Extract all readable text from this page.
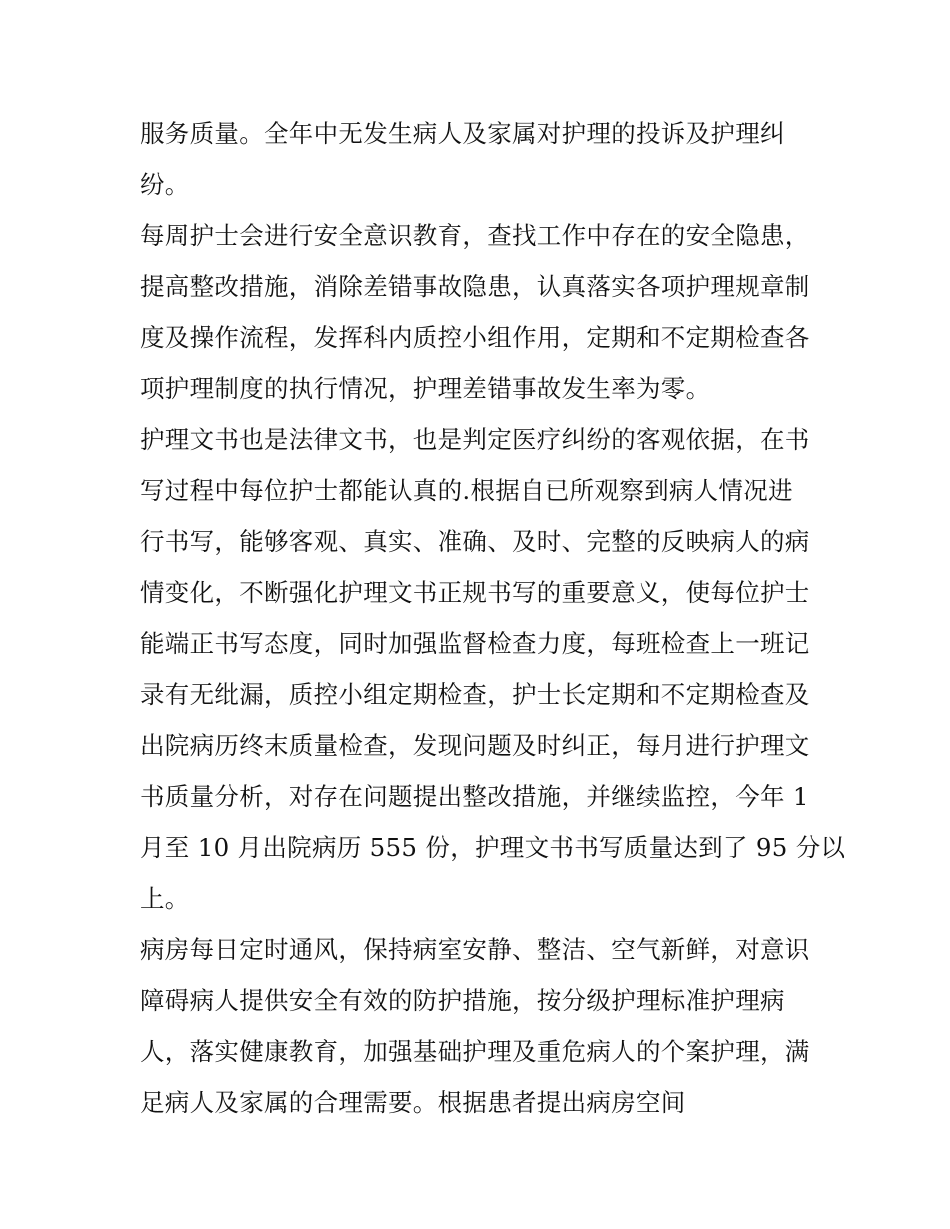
服务质量。全年中无发生病人及家属对护理的投诉及护理纠
纷。
每周护士会进行安全意识教育，查找工作中存在的安全隐患，
提高整改措施，消除差错事故隐患，认真落实各项护理规章制
度及操作流程，发挥科内质控小组作用，定期和不定期检查各
项护理制度的执行情况，护理差错事故发生率为零。
护理文书也是法律文书，也是判定医疗纠纷的客观依据，在书
写过程中每位护士都能认真的.根据自已所观察到病人情况进
行书写，能够客观、真实、准确、及时、完整的反映病人的病
情变化，不断强化护理文书正规书写的重要意义，使每位护士
能端正书写态度，同时加强监督检查力度，每班检查上一班记
录有无纰漏，质控小组定期检查，护士长定期和不定期检查及
出院病历终末质量检查，发现问题及时纠正，每月进行护理文
书质量分析，对存在问题提出整改措施，并继续监控，今年 1
月至 10 月出院病历 555 份，护理文书书写质量达到了 95 分以
上。
病房每日定时通风，保持病室安静、整洁、空气新鲜，对意识
障碍病人提供安全有效的防护措施，按分级护理标准护理病
人，落实健康教育，加强基础护理及重危病人的个案护理，满
足病人及家属的合理需要。根据患者提出病房空间
